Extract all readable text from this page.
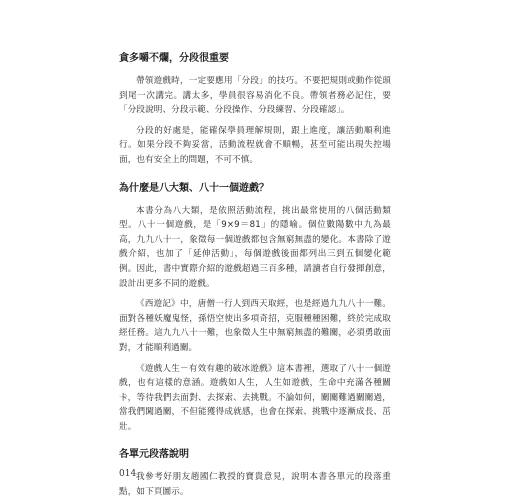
貪多嚼不爛，分段很重要

帶領遊戲時，一定要應用「分段」的技巧。不要把規則或動作從頭到尾一次講完。講太多，學員很容易消化不良。帶領者務必記住，要「分段說明、分段示範、分段操作、分段練習、分段確認」。

分段的好處是，能確保學員理解規則，跟上進度，讓活動順利進行。如果分段不夠妥當，活動流程就會不順暢，甚至可能出現失控場面，也有安全上的問題，不可不慎。

為什麼是八大類、八十一個遊戲？

本書分為八大類，是依照活動流程，挑出最常使用的八個活動類型。八十一個遊戲，是「9×9＝81」的隱喻。個位數陽數中九為最高，九九八十一，象徵每一個遊戲都包含無窮無盡的變化。本書除了遊戲介紹，也加了「延伸活動」，每個遊戲後面都列出三到五個變化範例。因此，書中實際介紹的遊戲超過三百多種，請讀者自行發揮創意，設計出更多不同的遊戲。

《西遊記》中，唐僧一行人到西天取經，也是經過九九八十一難。面對各種妖魔鬼怪，孫悟空使出多項奇招，克服種種困難，終於完成取經任務。這九九八十一難，也象徵人生中無窮無盡的難關，必須勇敢面對，才能順利過關。

《遊戲人生－有效有趣的破冰遊戲》這本書裡，選取了八十一個遊戲，也有這樣的意涵。遊戲如人生，人生如遊戲，生命中充滿各種關卡，等待我們去面對、去探索、去挑戰。不論如何，關關難過關關過，當我們闖過關，不但能獲得成就感，也會在探索、挑戰中逐漸成長、茁壯。

各單元段落說明

我參考好朋友趙國仁教授的寶貴意見，說明本書各單元的段落重點，如下頁圖示。

014
